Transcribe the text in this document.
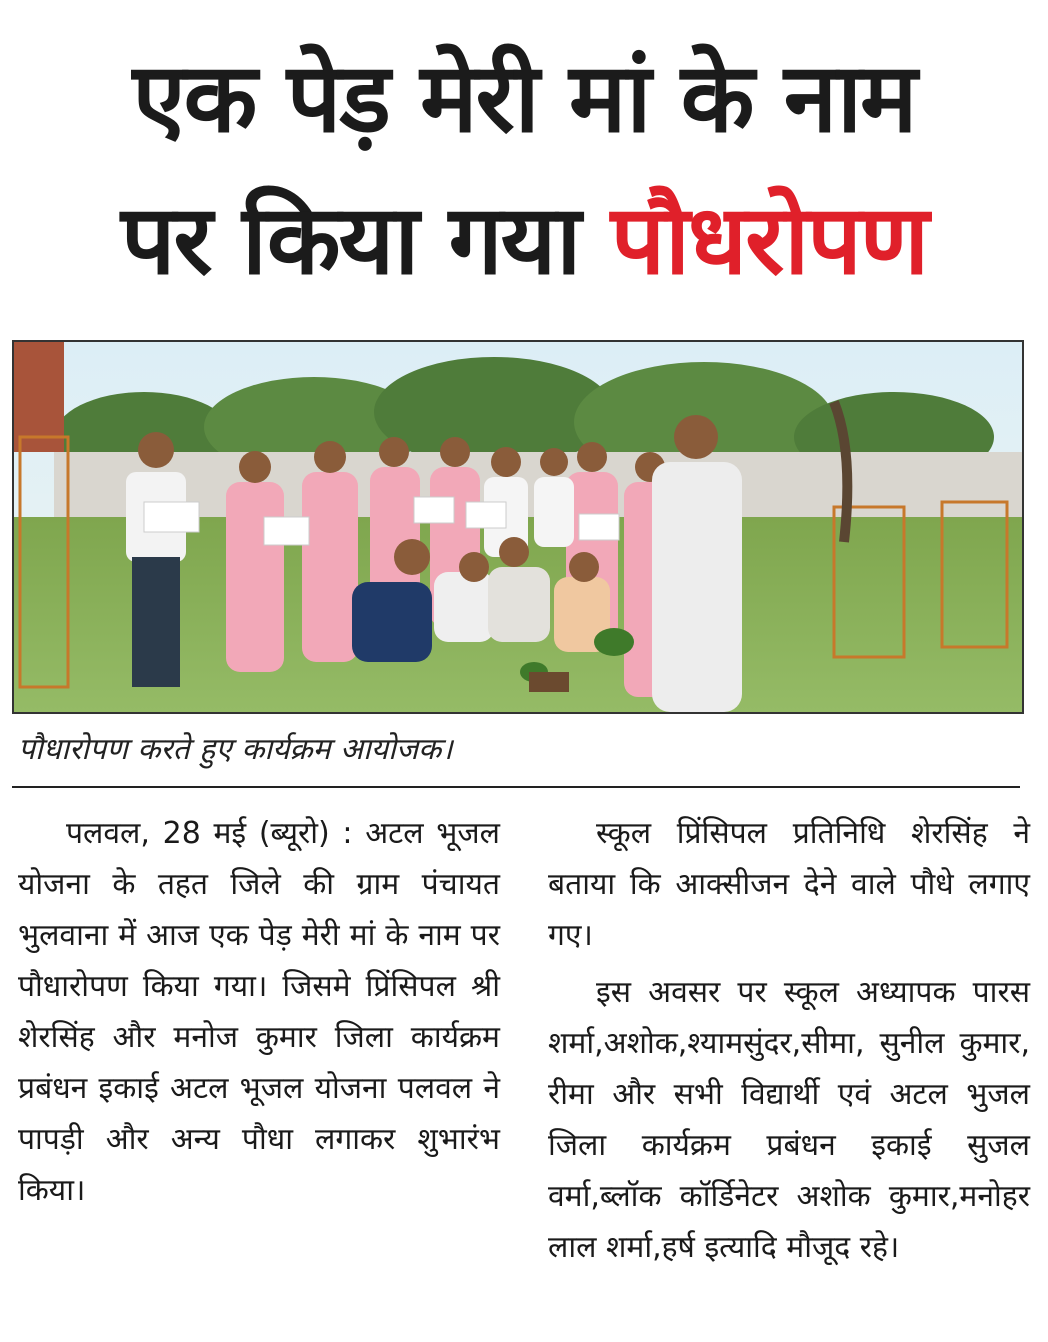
एक पेड़ मेरी मां के नाम
पर किया गया पौधरोपण
पौधारोपण करते हुए कार्यक्रम आयोजक।

पलवल, 28 मई (ब्यूरो) : अटल भूजल योजना के तहत जिले की ग्राम पंचायत भुलवाना में आज एक पेड़ मेरी मां के नाम पर पौधारोपण किया गया। जिसमे प्रिंसिपल श्री शेरसिंह और मनोज कुमार जिला कार्यक्रम प्रबंधन इकाई अटल भूजल योजना पलवल ने पापड़ी और अन्य पौधा लगाकर शुभारंभ किया।

स्कूल प्रिंसिपल प्रतिनिधि शेरसिंह ने बताया कि आक्सीजन देने वाले पौधे लगाए गए।

इस अवसर पर स्कूल अध्यापक पारस शर्मा,अशोक,श्यामसुंदर,सीमा, सुनील कुमार, रीमा और सभी विद्यार्थी एवं अटल भुजल जिला कार्यक्रम प्रबंधन इकाई सुजल वर्मा,ब्लॉक कॉर्डिनेटर अशोक कुमार,मनोहर लाल शर्मा,हर्ष इत्यादि मौजूद रहे।
